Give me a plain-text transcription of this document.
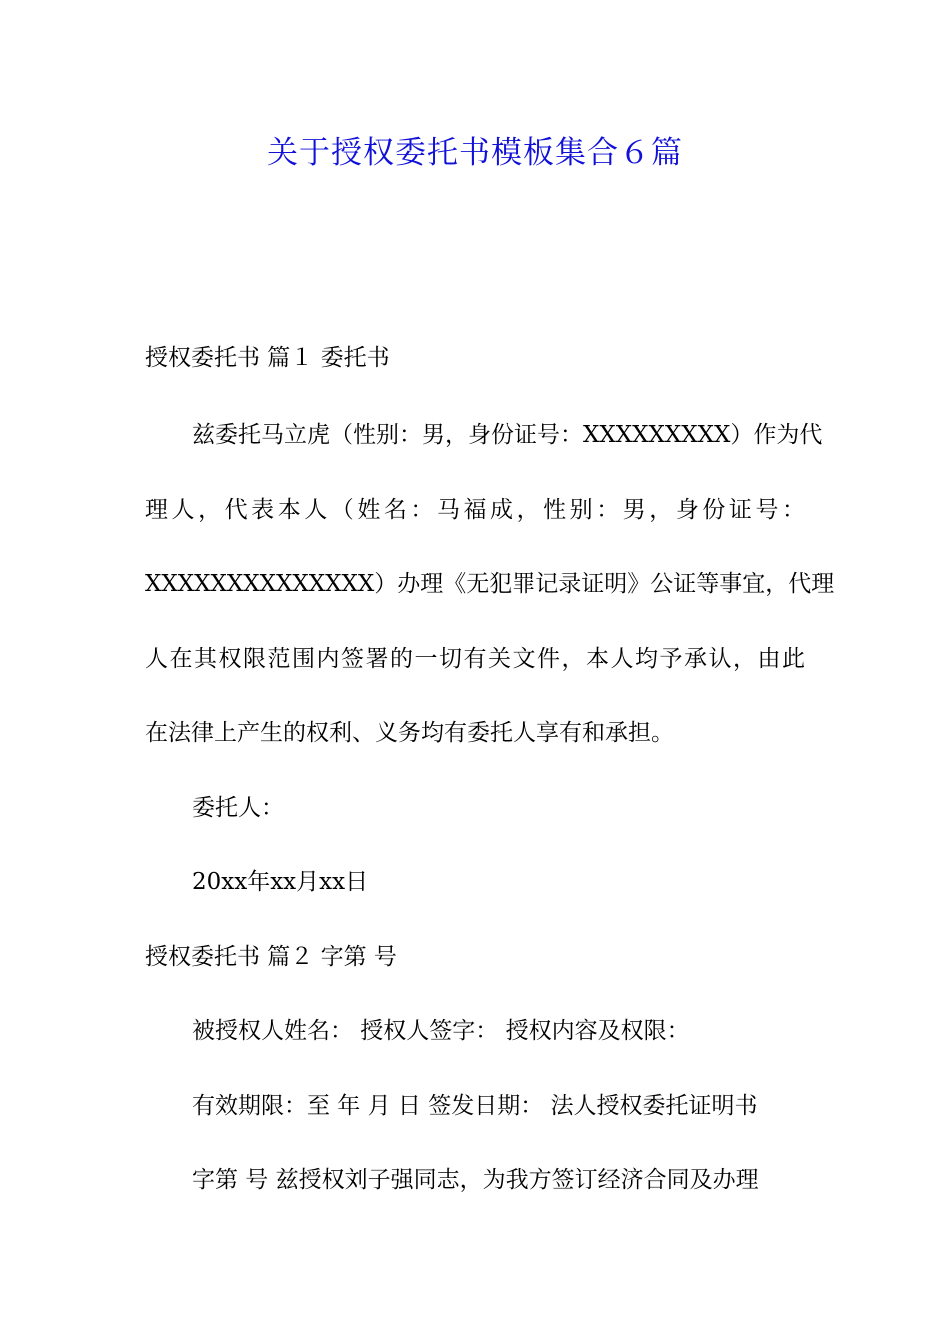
关于授权委托书模板集合６篇
授权委托书 篇１ 委托书
兹委托马立虎（性别：男，身份证号：XXXXXXXXX）作为代
理人，代表本人（姓名：马福成，性别：男，身份证号：
XXXXXXXXXXXXXX）办理《无犯罪记录证明》公证等事宜，代理
人在其权限范围内签署的一切有关文件，本人均予承认，由此
在法律上产生的权利、义务均有委托人享有和承担。
委托人：
20xx年xx月xx日
授权委托书 篇２ 字第 号
被授权人姓名： 授权人签字： 授权内容及权限：
有效期限：至 年 月 日 签发日期： 法人授权委托证明书
字第 号 兹授权刘子强同志，为我方签订经济合同及办理
